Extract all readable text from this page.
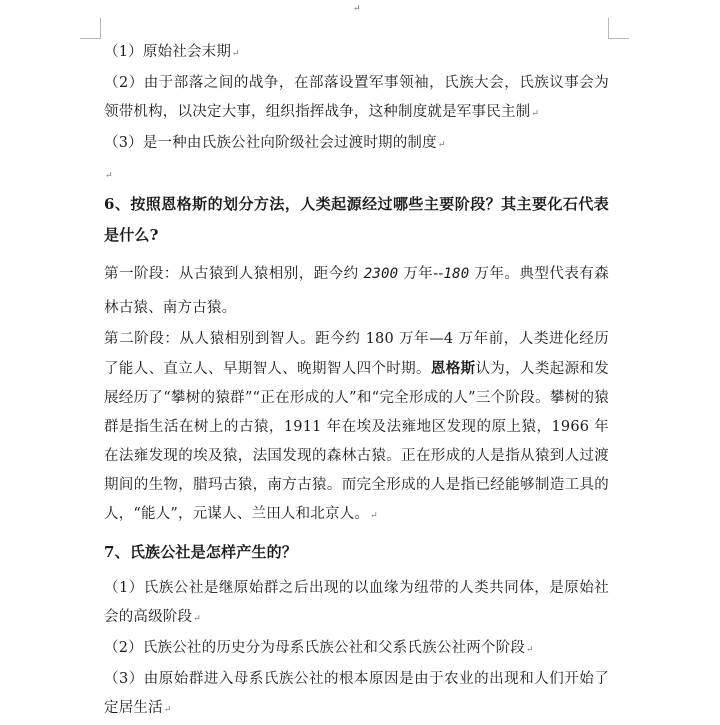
↵
（1）原始社会末期↵
（2）由于部落之间的战争，在部落设置军事领袖，氏族大会，氏族议事会为领带机构，以决定大事，组织指挥战争，这种制度就是军事民主制↵
（3）是一种由氏族公社向阶级社会过渡时期的制度↵
↵
6、按照恩格斯的划分方法，人类起源经过哪些主要阶段？其主要化石代表是什么?
第一阶段：从古猿到人猿相别，距今约 2300 万年--180 万年。典型代表有森林古猿、南方古猿。
第二阶段：从人猿相别到智人。距今约 180 万年—4 万年前，人类进化经历了能人、直立人、早期智人、晚期智人四个时期。恩格斯认为，人类起源和发展经历了“攀树的猿群”“正在形成的人”和“完全形成的人”三个阶段。攀树的猿群是指生活在树上的古猿，1911 年在埃及法雍地区发现的原上猿，1966 年在法雍发现的埃及猿，法国发现的森林古猿。正在形成的人是指从猿到人过渡期间的生物，腊玛古猿，南方古猿。而完全形成的人是指已经能够制造工具的人，“能人”，元谋人、兰田人和北京人。↵
7、氏族公社是怎样产生的？
（1）氏族公社是继原始群之后出现的以血缘为纽带的人类共同体，是原始社会的高级阶段↵
（2）氏族公社的历史分为母系氏族公社和父系氏族公社两个阶段↵
（3）由原始群进入母系氏族公社的根本原因是由于农业的出现和人们开始了定居生活↵
